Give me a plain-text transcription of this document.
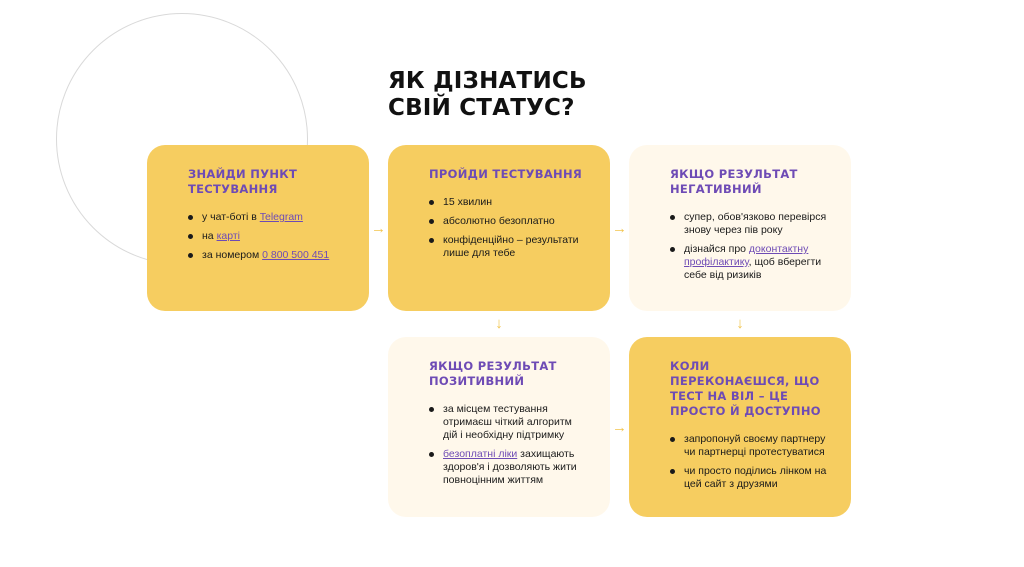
ЯК ДІЗНАТИСЬ СВІЙ СТАТУС?
ЗНАЙДИ ПУНКТ ТЕСТУВАННЯ
у чат-боті в Telegram
на карті
за номером 0 800 500 451
→
ПРОЙДИ ТЕСТУВАННЯ
15 хвилин
абсолютно безоплатно
конфіденційно – результати лише для тебе
→
ЯКЩО РЕЗУЛЬТАТ НЕГАТИВНИЙ
супер, обов'язково перевірся знову через пів року
дізнайся про доконтактну профілактику, щоб вберегти себе від ризиків
↓	↓
ЯКЩО РЕЗУЛЬТАТ ПОЗИТИВНИЙ
за місцем тестування отримаєш чіткий алгоритм дій і необхідну підтримку
безоплатні ліки захищають здоров'я і дозволяють жити повноцінним життям
→
КОЛИ ПЕРЕКОНАЄШСЯ, ЩО ТЕСТ НА ВІЛ – ЦЕ ПРОСТО Й ДОСТУПНО
запропонуй своєму партнеру чи партнерці протестуватися
чи просто поділись лінком на цей сайт з друзями
